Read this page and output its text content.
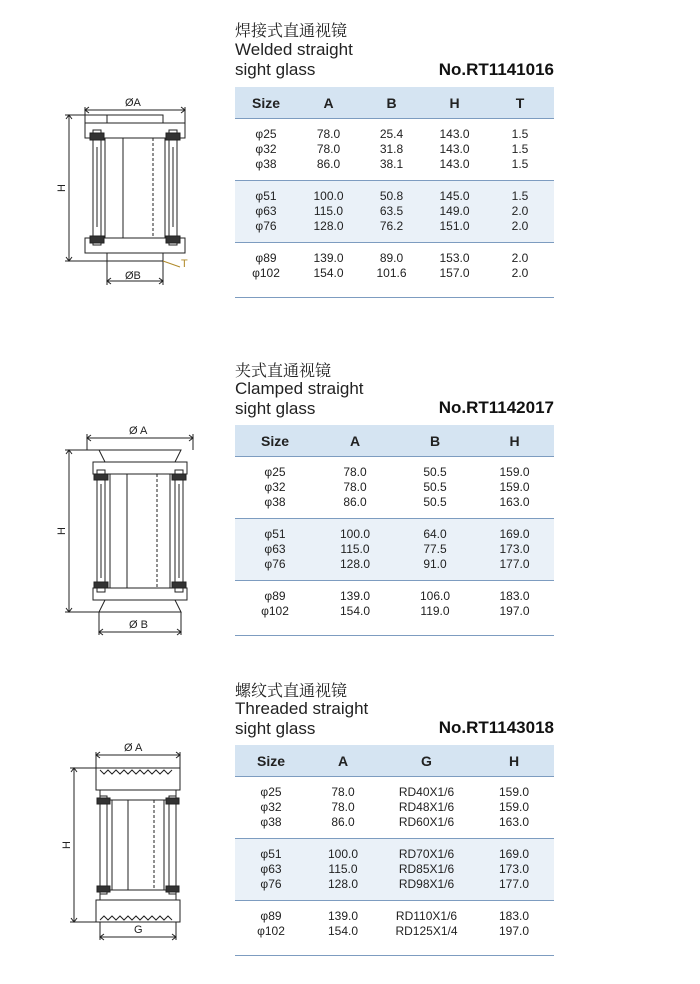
焊接式直通视镜
Welded straight
sight glass	No.RT1141016
ØA
ØB
H
T
Size	A	B	H	T

φ25	78.0	25.4	143.0	1.5
φ32	78.0	31.8	143.0	1.5
φ38	86.0	38.1	143.0	1.5

φ51	100.0	50.8	145.0	1.5
φ63	115.0	63.5	149.0	2.0
φ76	128.0	76.2	151.0	2.0

φ89	139.0	89.0	153.0	2.0
φ102	154.0	101.6	157.0	2.0

夹式直通视镜
Clamped straight
sight glass	No.RT1142017
Ø A
Ø B
H
Size	A	B	H

φ25	78.0	50.5	159.0
φ32	78.0	50.5	159.0
φ38	86.0	50.5	163.0

φ51	100.0	64.0	169.0
φ63	115.0	77.5	173.0
φ76	128.0	91.0	177.0

φ89	139.0	106.0	183.0
φ102	154.0	119.0	197.0

螺纹式直通视镜
Threaded straight
sight glass	No.RT1143018
Ø A
G
H
Size	A	G	H

φ25	78.0	RD40X1/6	159.0
φ32	78.0	RD48X1/6	159.0
φ38	86.0	RD60X1/6	163.0

φ51	100.0	RD70X1/6	169.0
φ63	115.0	RD85X1/6	173.0
φ76	128.0	RD98X1/6	177.0

φ89	139.0	RD110X1/6	183.0
φ102	154.0	RD125X1/4	197.0
